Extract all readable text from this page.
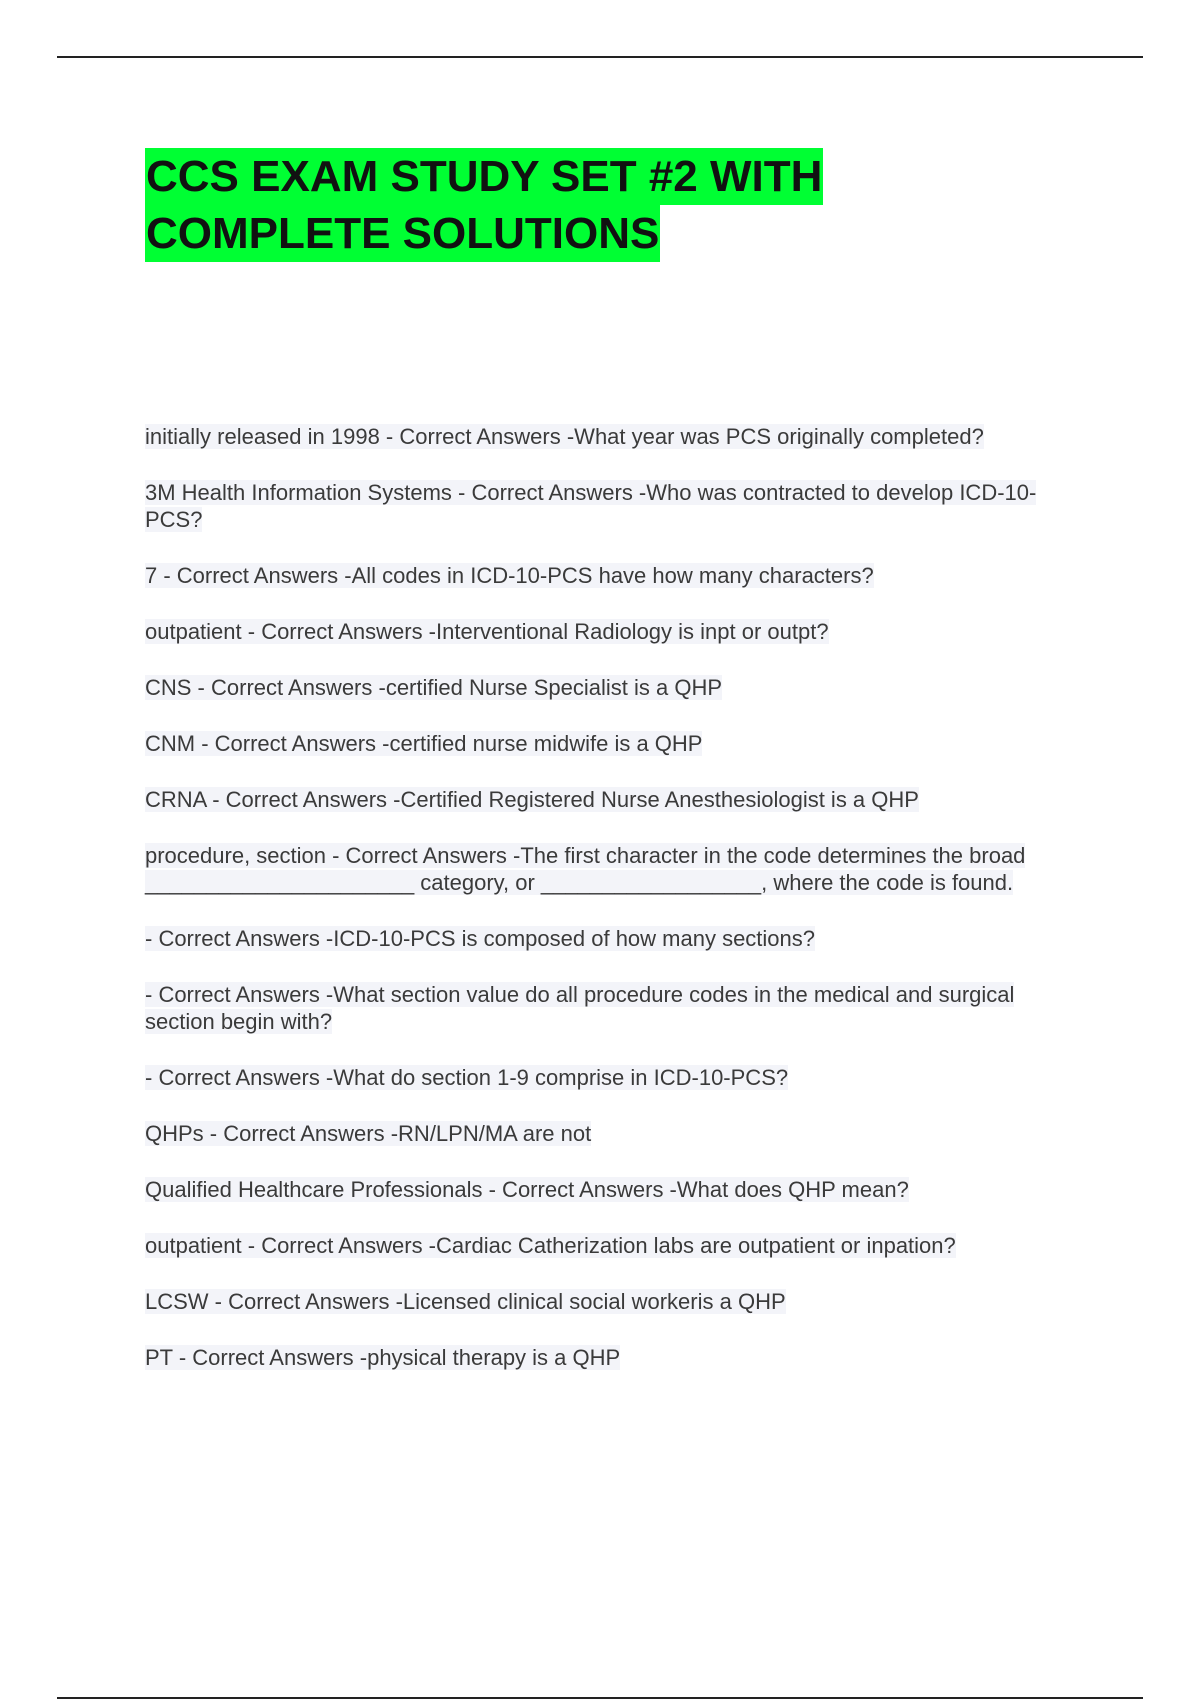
CCS EXAM STUDY SET #2 WITH
COMPLETE SOLUTIONS
initially released in 1998 - Correct Answers -What year was PCS originally completed?
3M Health Information Systems - Correct Answers -Who was contracted to develop ICD-10-PCS?
7 - Correct Answers -All codes in ICD-10-PCS have how many characters?
outpatient - Correct Answers -Interventional Radiology is inpt or outpt?
CNS - Correct Answers -certified Nurse Specialist is a QHP
CNM - Correct Answers -certified nurse midwife is a QHP
CRNA - Correct Answers -Certified Registered Nurse Anesthesiologist is a QHP
procedure, section - Correct Answers -The first character in the code determines the broad ______________________ category, or __________________, where the code is found.
- Correct Answers -ICD-10-PCS is composed of how many sections?
- Correct Answers -What section value do all procedure codes in the medical and surgical section begin with?
- Correct Answers -What do section 1-9 comprise in ICD-10-PCS?
QHPs - Correct Answers -RN/LPN/MA are not
Qualified Healthcare Professionals - Correct Answers -What does QHP mean?
outpatient - Correct Answers -Cardiac Catherization labs are outpatient or inpation?
LCSW - Correct Answers -Licensed clinical social workeris a QHP
PT - Correct Answers -physical therapy is a QHP
